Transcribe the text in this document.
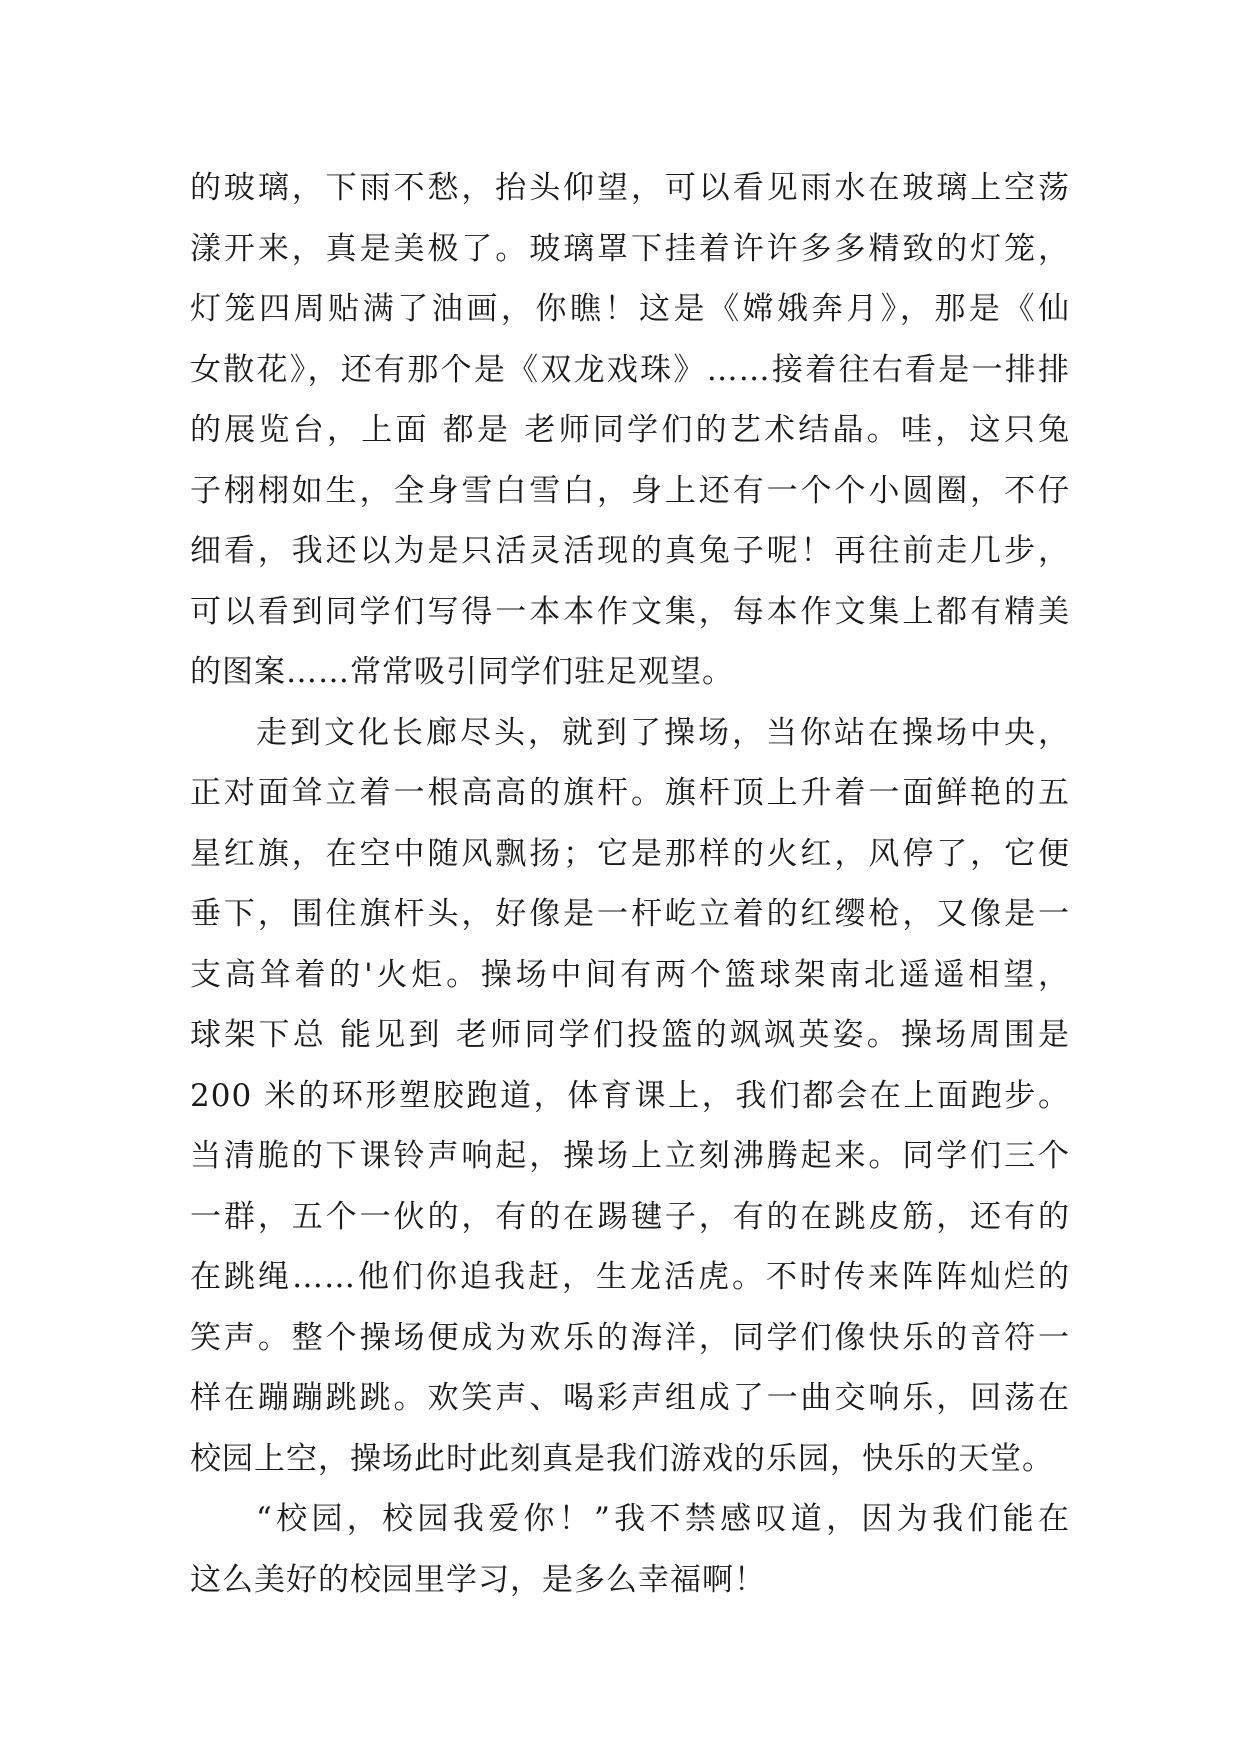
的玻璃，下雨不愁，抬头仰望，可以看见雨水在玻璃上空荡
漾开来，真是美极了。玻璃罩下挂着许许多多精致的灯笼，
灯笼四周贴满了油画，你瞧！这是《嫦娥奔月》，那是《仙
女散花》，还有那个是《双龙戏珠》……接着往右看是一排排
的展览台，上面 都是 老师同学们的艺术结晶。哇，这只兔
子栩栩如生，全身雪白雪白，身上还有一个个小圆圈，不仔
细看，我还以为是只活灵活现的真兔子呢！再往前走几步，
可以看到同学们写得一本本作文集，每本作文集上都有精美
的图案……常常吸引同学们驻足观望。
走到文化长廊尽头，就到了操场，当你站在操场中央，
正对面耸立着一根高高的旗杆。旗杆顶上升着一面鲜艳的五
星红旗，在空中随风飘扬；它是那样的火红，风停了，它便
垂下，围住旗杆头，好像是一杆屹立着的红缨枪，又像是一
支高耸着的'火炬。操场中间有两个篮球架南北遥遥相望，
球架下总 能见到 老师同学们投篮的飒飒英姿。操场周围是
200 米的环形塑胶跑道，体育课上，我们都会在上面跑步。
当清脆的下课铃声响起，操场上立刻沸腾起来。同学们三个
一群，五个一伙的，有的在踢毽子，有的在跳皮筋，还有的
在跳绳……他们你追我赶，生龙活虎。不时传来阵阵灿烂的
笑声。整个操场便成为欢乐的海洋，同学们像快乐的音符一
样在蹦蹦跳跳。欢笑声、喝彩声组成了一曲交响乐，回荡在
校园上空，操场此时此刻真是我们游戏的乐园，快乐的天堂。
“校园，校园我爱你！”我不禁感叹道，因为我们能在
这么美好的校园里学习，是多么幸福啊！
